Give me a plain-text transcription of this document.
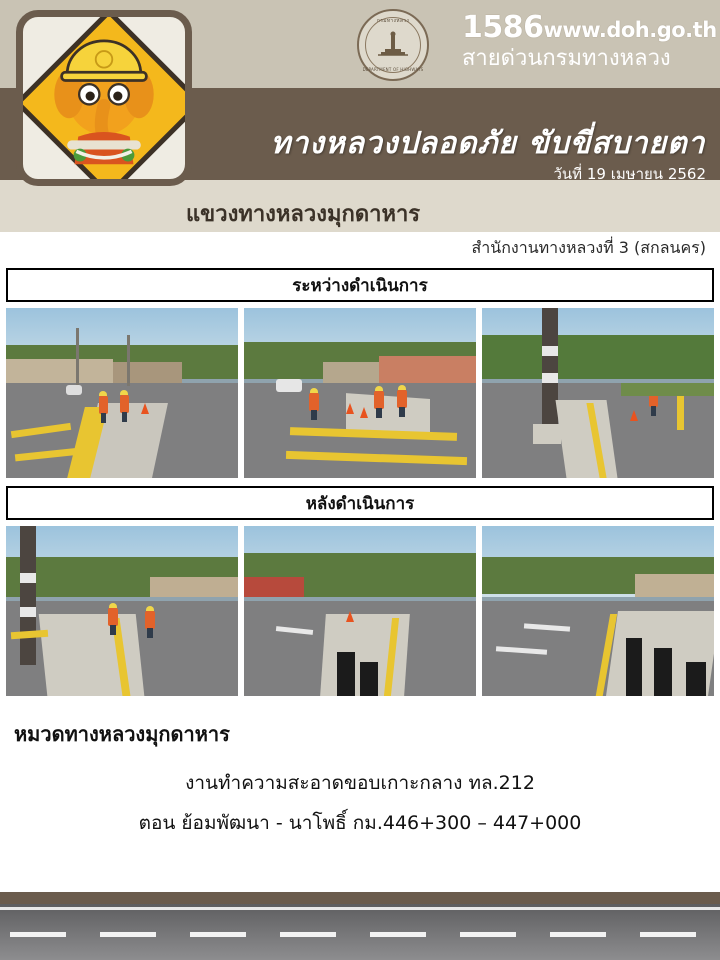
กรมทางหลวง
DEPARTMENT OF HIGHWAYS
1586www.doh.go.th
สายด่วนกรมทางหลวง
ทางหลวงปลอดภัย ขับขี่สบายตา
วันที่ 19 เมษายน 2562
แขวงทางหลวงมุกดาหาร
สำนักงานทางหลวงที่ 3 (สกลนคร)
ระหว่างดำเนินการ
หลังดำเนินการ
หมวดทางหลวงมุกดาหาร
งานทำความสะอาดขอบเกาะกลาง ทล.212
ตอน ย้อมพัฒนา - นาโพธิ์ กม.446+300 – 447+000
